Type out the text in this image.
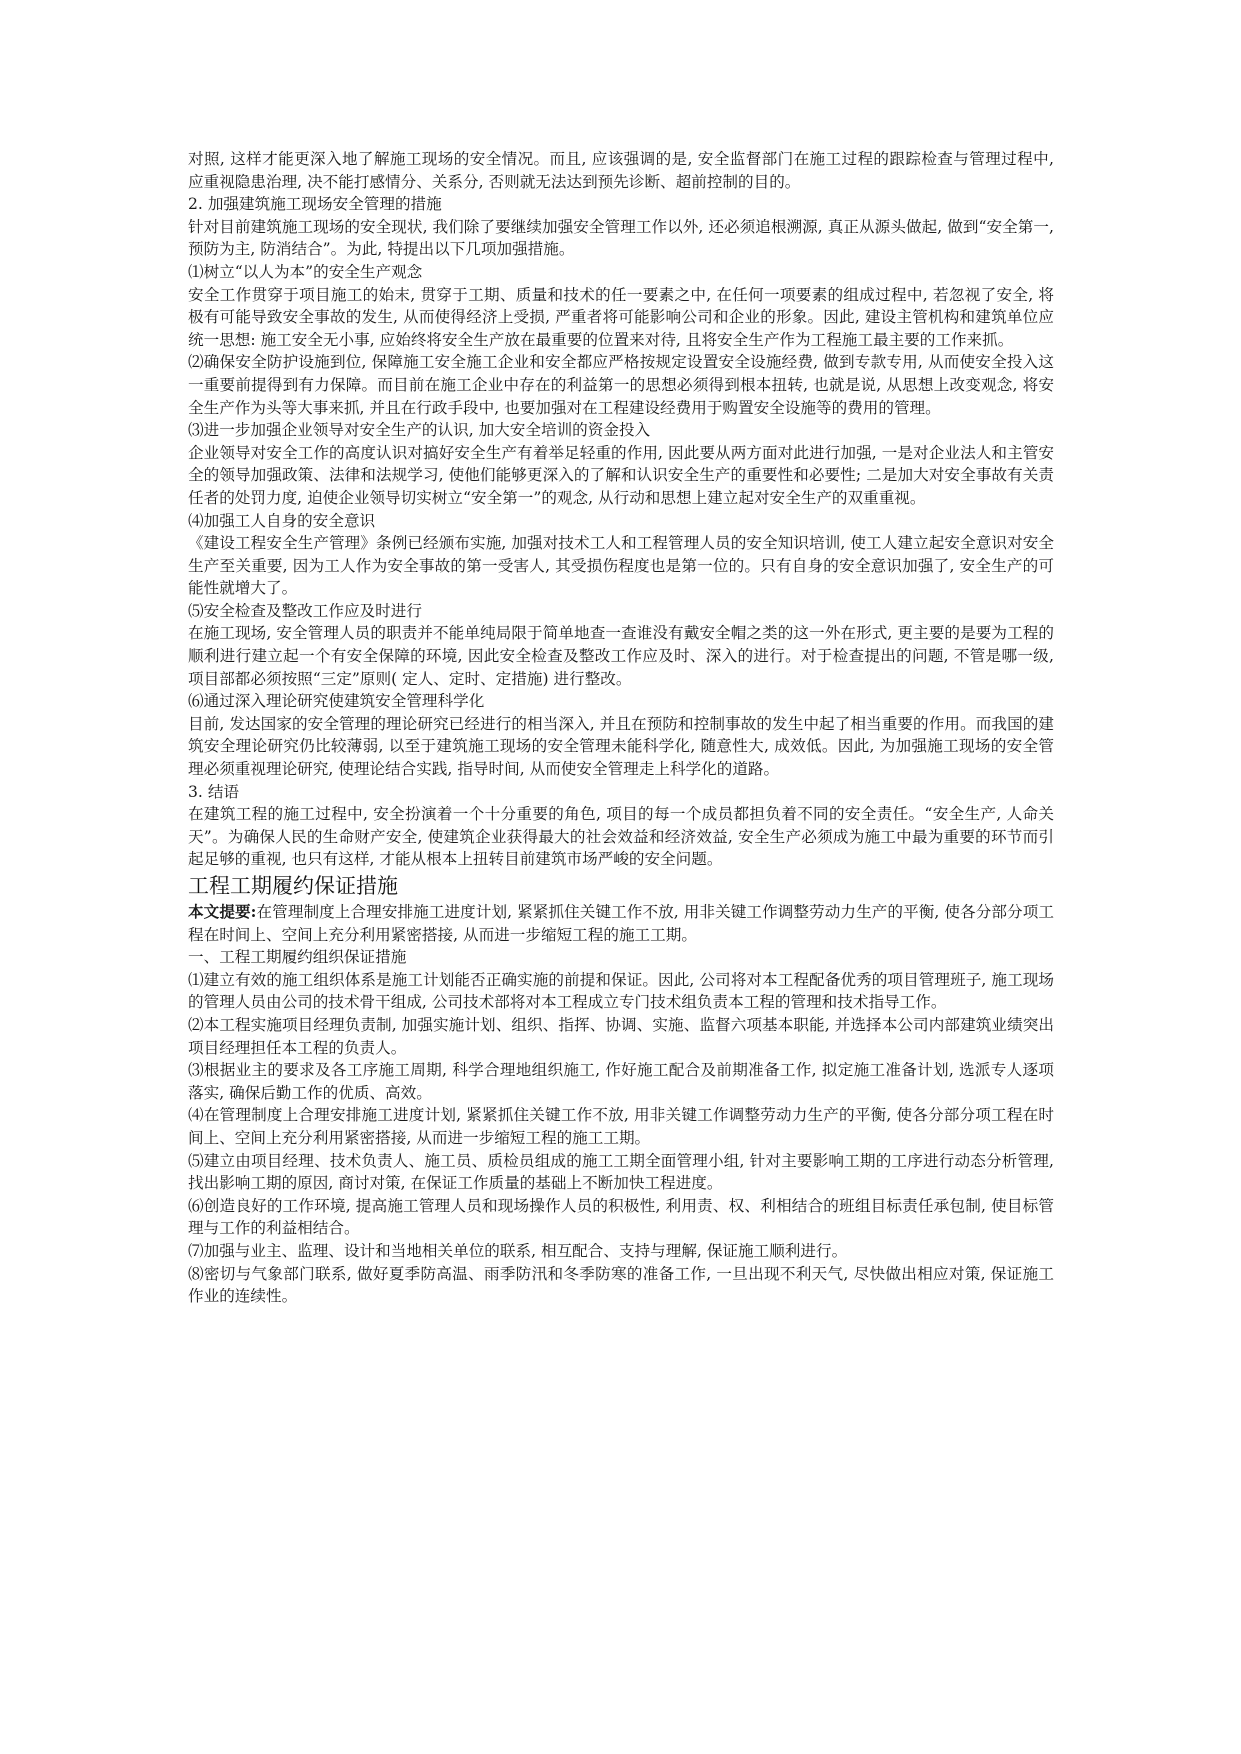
对照, 这样才能更深入地了解施工现场的安全情况。而且, 应该强调的是, 安全监督部门在施工过程的跟踪检查与管理过程中, 应重视隐患治理, 决不能打感情分、关系分, 否则就无法达到预先诊断、超前控制的目的。

2. 加强建筑施工现场安全管理的措施

针对目前建筑施工现场的安全现状, 我们除了要继续加强安全管理工作以外, 还必须追根溯源, 真正从源头做起, 做到“安全第一, 预防为主, 防消结合”。为此, 特提出以下几项加强措施。

⑴树立“以人为本”的安全生产观念

安全工作贯穿于项目施工的始末, 贯穿于工期、质量和技术的任一要素之中, 在任何一项要素的组成过程中, 若忽视了安全, 将极有可能导致安全事故的发生, 从而使得经济上受损, 严重者将可能影响公司和企业的形象。因此, 建设主管机构和建筑单位应统一思想: 施工安全无小事, 应始终将安全生产放在最重要的位置来对待, 且将安全生产作为工程施工最主要的工作来抓。

⑵确保安全防护设施到位, 保障施工安全施工企业和安全都应严格按规定设置安全设施经费, 做到专款专用, 从而使安全投入这一重要前提得到有力保障。而目前在施工企业中存在的利益第一的思想必须得到根本扭转, 也就是说, 从思想上改变观念, 将安全生产作为头等大事来抓, 并且在行政手段中, 也要加强对在工程建设经费用于购置安全设施等的费用的管理。

⑶进一步加强企业领导对安全生产的认识, 加大安全培训的资金投入

企业领导对安全工作的高度认识对搞好安全生产有着举足轻重的作用, 因此要从两方面对此进行加强, 一是对企业法人和主管安全的领导加强政策、法律和法规学习, 使他们能够更深入的了解和认识安全生产的重要性和必要性; 二是加大对安全事故有关责任者的处罚力度, 迫使企业领导切实树立“安全第一”的观念, 从行动和思想上建立起对安全生产的双重重视。

⑷加强工人自身的安全意识

《建设工程安全生产管理》条例已经颁布实施, 加强对技术工人和工程管理人员的安全知识培训, 使工人建立起安全意识对安全生产至关重要, 因为工人作为安全事故的第一受害人, 其受损伤程度也是第一位的。只有自身的安全意识加强了, 安全生产的可能性就增大了。

⑸安全检查及整改工作应及时进行

在施工现场, 安全管理人员的职责并不能单纯局限于简单地查一查谁没有戴安全帽之类的这一外在形式, 更主要的是要为工程的顺利进行建立起一个有安全保障的环境, 因此安全检查及整改工作应及时、深入的进行。对于检查提出的问题, 不管是哪一级, 项目部都必须按照“三定”原则( 定人、定时、定措施) 进行整改。

⑹通过深入理论研究使建筑安全管理科学化

目前, 发达国家的安全管理的理论研究已经进行的相当深入, 并且在预防和控制事故的发生中起了相当重要的作用。而我国的建筑安全理论研究仍比较薄弱, 以至于建筑施工现场的安全管理未能科学化, 随意性大, 成效低。因此, 为加强施工现场的安全管理必须重视理论研究, 使理论结合实践, 指导时间, 从而使安全管理走上科学化的道路。

3. 结语

在建筑工程的施工过程中, 安全扮演着一个十分重要的角色, 项目的每一个成员都担负着不同的安全责任。“安全生产, 人命关天”。为确保人民的生命财产安全, 使建筑企业获得最大的社会效益和经济效益, 安全生产必须成为施工中最为重要的环节而引起足够的重视, 也只有这样, 才能从根本上扭转目前建筑市场严峻的安全问题。

工程工期履约保证措施

本文提要:在管理制度上合理安排施工进度计划, 紧紧抓住关键工作不放, 用非关键工作调整劳动力生产的平衡, 使各分部分项工程在时间上、空间上充分利用紧密搭接, 从而进一步缩短工程的施工工期。

一、工程工期履约组织保证措施

⑴建立有效的施工组织体系是施工计划能否正确实施的前提和保证。因此, 公司将对本工程配备优秀的项目管理班子, 施工现场的管理人员由公司的技术骨干组成, 公司技术部将对本工程成立专门技术组负责本工程的管理和技术指导工作。

⑵本工程实施项目经理负责制, 加强实施计划、组织、指挥、协调、实施、监督六项基本职能, 并选择本公司内部建筑业绩突出项目经理担任本工程的负责人。

⑶根据业主的要求及各工序施工周期, 科学合理地组织施工, 作好施工配合及前期准备工作, 拟定施工准备计划, 选派专人逐项落实, 确保后勤工作的优质、高效。

⑷在管理制度上合理安排施工进度计划, 紧紧抓住关键工作不放, 用非关键工作调整劳动力生产的平衡, 使各分部分项工程在时间上、空间上充分利用紧密搭接, 从而进一步缩短工程的施工工期。

⑸建立由项目经理、技术负责人、施工员、质检员组成的施工工期全面管理小组, 针对主要影响工期的工序进行动态分析管理, 找出影响工期的原因, 商讨对策, 在保证工作质量的基础上不断加快工程进度。

⑹创造良好的工作环境, 提高施工管理人员和现场操作人员的积极性, 利用责、权、利相结合的班组目标责任承包制, 使目标管理与工作的利益相结合。

⑺加强与业主、监理、设计和当地相关单位的联系, 相互配合、支持与理解, 保证施工顺利进行。

⑻密切与气象部门联系, 做好夏季防高温、雨季防汛和冬季防寒的准备工作, 一旦出现不利天气, 尽快做出相应对策, 保证施工作业的连续性。
